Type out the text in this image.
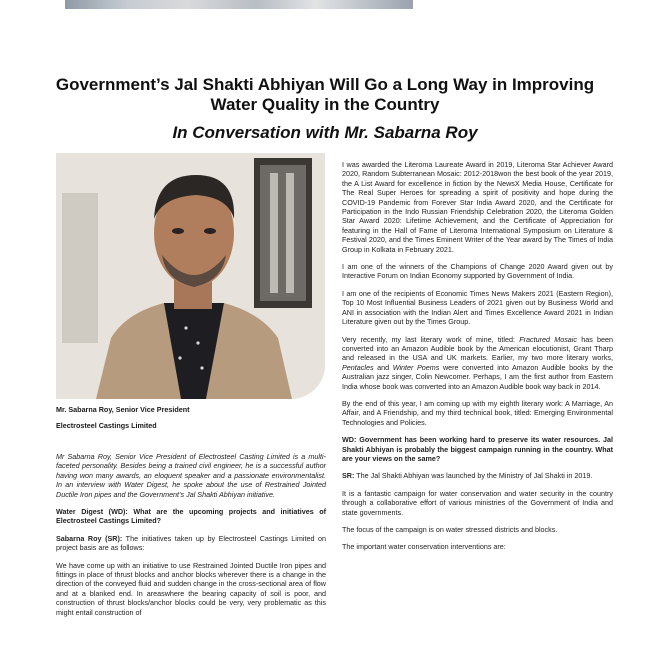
Government’s Jal Shakti Abhiyan Will Go a Long Way in Improving Water Quality in the Country
In Conversation with Mr. Sabarna Roy
Mr. Sabarna Roy, Senior Vice President
Electrosteel Castings Limited

Mr Sabarna Roy, Senior Vice President of Electrosteel Casting Limited is a multi-faceted personality. Besides being a trained civil engineer, he is a successful author having won many awards, an eloquent speaker and a passionate environmentalist. In an interview with Water Digest, he spoke about the use of Restrained Jointed Ductile Iron pipes and the Government’s Jal Shakti Abhiyan initiative.

Water Digest (WD): What are the upcoming projects and initiatives of Electrosteel Castings Limited?

Sabarna Roy (SR): The initiatives taken up by Electrosteel Castings Limited on project basis are as follows:

We have come up with an initiative to use Restrained Jointed Ductile Iron pipes and fittings in place of thrust blocks and anchor blocks wherever there is a change in the direction of the conveyed fluid and sudden change in the cross-sectional area of flow and at a blanked end. In areaswhere the bearing capacity of soil is poor, and construction of thrust blocks/anchor blocks could be very, very problematic as this might entail construction of

I was awarded the Literoma Laureate Award in 2019, Literoma Star Achiever Award 2020, Random Subterranean Mosaic: 2012-2018won the best book of the year 2019, the A List Award for excellence in fiction by the NewsX Media House, Certificate for The Real Super Heroes for spreading a spirit of positivity and hope during the COVID-19 Pandemic from Forever Star India Award 2020, and the Certificate for Participation in the Indo Russian Friendship Celebration 2020, the Literoma Golden Star Award 2020: Lifetime Achievement, and the Certificate of Appreciation for featuring in the Hall of Fame of Literoma International Symposium on Literature & Festival 2020, and the Times Eminent Writer of the Year award by The Times of India Group in Kolkata in February 2021.

I am one of the winners of the Champions of Change 2020 Award given out by Interactive Forum on Indian Economy supported by Government of India.

I am one of the recipients of Economic Times News Makers 2021 (Eastern Region), Top 10 Most Influential Business Leaders of 2021 given out by Business World and ANI in association with the Indian Alert and Times Excellence Award 2021 in Indian Literature given out by the Times Group.

Very recently, my last literary work of mine, titled: Fractured Mosaic has been converted into an Amazon Audible book by the American elocutionist, Grant Tharp and released in the USA and UK markets. Earlier, my two more literary works, Pentacles and Winter Poems were converted into Amazon Audible books by the Australian jazz singer, Colin Newcomer. Perhaps, I am the first author from Eastern India whose book was converted into an Amazon Audible book way back in 2014.

By the end of this year, I am coming up with my eighth literary work: A Marriage, An Affair, and A Friendship, and my third technical book, titled: Emerging Environmental Technologies and Policies.

WD: Government has been working hard to preserve its water resources. Jal Shakti Abhiyan is probably the biggest campaign running in the country. What are your views on the same?

SR: The Jal Shakti Abhiyan was launched by the Ministry of Jal Shakti in 2019.

It is a fantastic campaign for water conservation and water security in the country through a collaborative effort of various ministries of the Government of India and state governments.

The focus of the campaign is on water stressed districts and blocks.

The important water conservation interventions are:
